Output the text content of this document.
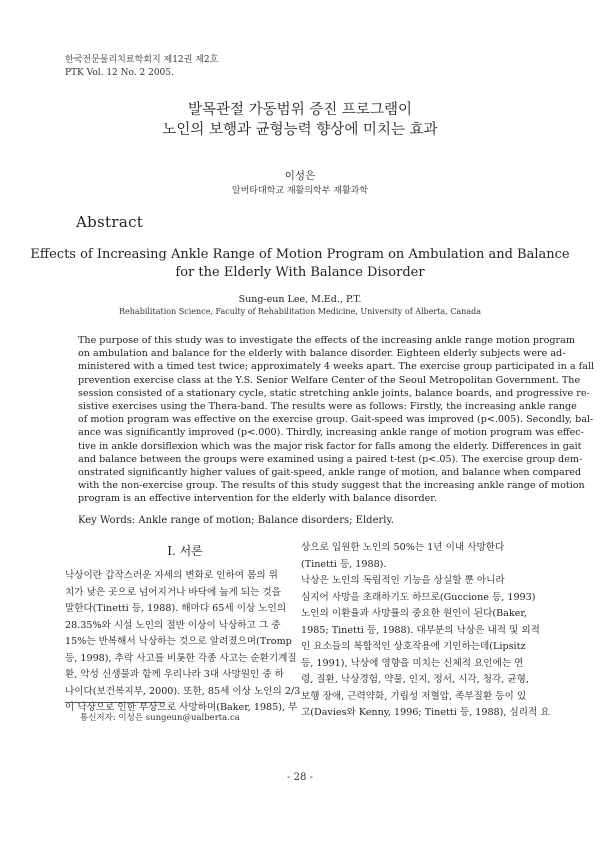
한국전문물리치료학회지 제12권 제2호
PTK Vol. 12 No. 2 2005.
발목관절 가동범위 증진 프로그램이
노인의 보행과 균형능력 향상에 미치는 효과
이성은
알버타대학교 재활의학부 재활과학
Abstract
Effects of Increasing Ankle Range of Motion Program on Ambulation and Balance
for the Elderly With Balance Disorder
Sung-eun Lee, M.Ed., P.T.
Rehabilitation Science, Faculty of Rehabilitation Medicine, University of Alberta, Canada
The purpose of this study was to investigate the effects of the increasing ankle range motion program
on ambulation and balance for the elderly with balance disorder. Eighteen elderly subjects were ad-
ministered with a timed test twice; approximately 4 weeks apart. The exercise group participated in a fall
prevention exercise class at the Y.S. Senior Welfare Center of the Seoul Metropolitan Government. The
session consisted of a stationary cycle, static stretching ankle joints, balance boards, and progressive re-
sistive exercises using the Thera-band. The results were as follows: Firstly, the increasing ankle range
of motion program was effective on the exercise group. Gait-speed was improved (p<.005). Secondly, bal-
ance was significantly improved (p<.000). Thirdly, increasing ankle range of motion program was effec-
tive in ankle dorsiflexion which was the major risk factor for falls among the elderly. Differences in gait
and balance between the groups were examined using a paired t-test (p<.05). The exercise group dem-
onstrated significantly higher values of gait-speed, ankle range of motion, and balance when compared
with the non-exercise group. The results of this study suggest that the increasing ankle range of motion
program is an effective intervention for the elderly with balance disorder.
Key Words: Ankle range of motion; Balance disorders; Elderly.
Ⅰ. 서론
낙상이란 갑작스러운 자세의 변화로 인하여 몸의 위
치가 낮은 곳으로 넘어지거나 바닥에 눕게 되는 것을
말한다(Tinetti 등, 1988). 해마다 65세 이상 노인의
28.35%와 시설 노인의 절반 이상이 낙상하고 그 중
15%는 반복해서 낙상하는 것으로 알려졌으며(Tromp
등, 1998), 추락 사고를 비롯한 각종 사고는 순환기계질
환, 악성 신생물과 함께 우리나라 3대 사망원인 중 하
나이다(보건복지부, 2000). 또한, 85세 이상 노인의 2/3
이 낙상으로 인한 부상으로 사망하며(Baker, 1985), 부
상으로 입원한 노인의 50%는 1년 이내 사망한다
(Tinetti 등, 1988).
낙상은 노인의 독립적인 기능을 상실할 뿐 아니라
심지어 사망을 초래하기도 하므로(Guccione 등, 1993)
노인의 이환율과 사망률의 중요한 원인이 된다(Baker,
1985; Tinetti 등, 1988). 대부분의 낙상은 내적 및 외적
인 요소들의 복합적인 상호작용에 기인하는데(Lipsitz
등, 1991), 낙상에 영향을 미치는 신체적 요인에는 연
령, 질환, 낙상경험, 약물, 인지, 정서, 시각, 청각, 균형,
보행 장애, 근력약화, 기립성 저혈압, 족부질환 등이 있
고(Davies와 Kenny, 1996; Tinetti 등, 1988), 심리적 요
통신저자: 이성은 sungeun@ualberta.ca
- 28 -
